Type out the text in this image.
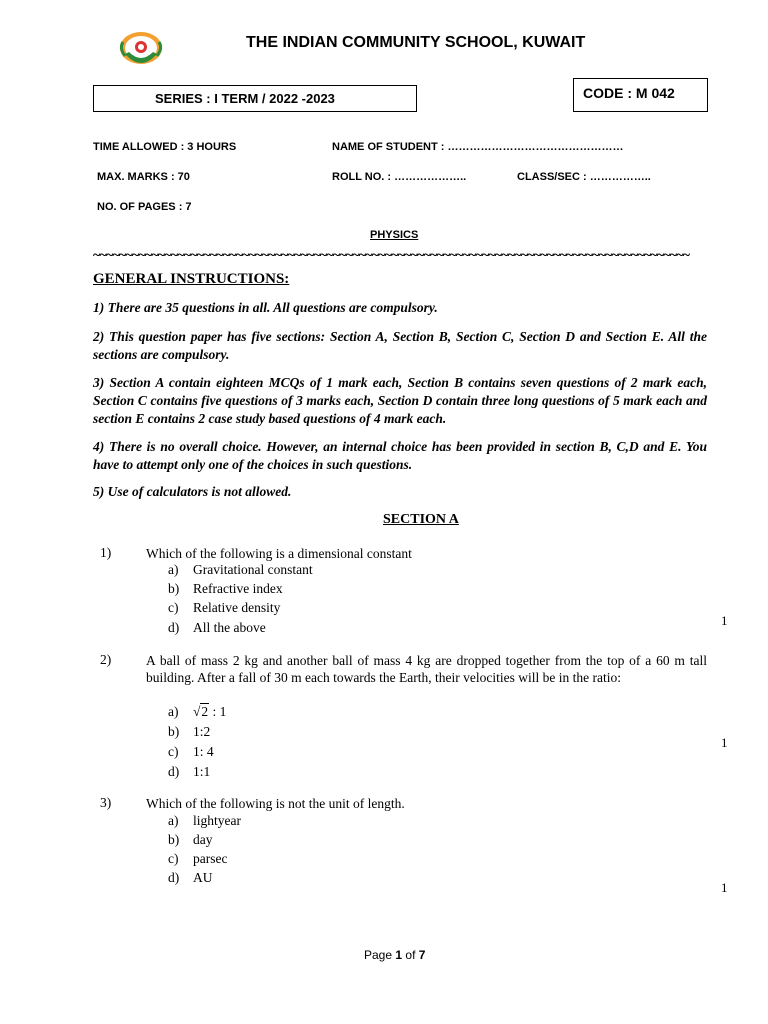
THE INDIAN COMMUNITY SCHOOL, KUWAIT
SERIES : I TERM / 2022 -2023	CODE : M 042
TIME ALLOWED : 3 HOURS	NAME OF STUDENT : …………………………………………
MAX. MARKS : 70	ROLL NO. : ………………..	CLASS/SEC : ……………..
NO. OF PAGES : 7
PHYSICS
~~~~~~~~~~~~~~~~~~~~~~~~~~~~~~~~~~~~~~~~~~~~~~~~~~~~~~~~~~~~~~~~~~~~~~~~~~~~~~~~~~~~~~~~~~~~
GENERAL INSTRUCTIONS:
1) There are 35 questions in all. All questions are compulsory.
2) This question paper has five sections: Section A, Section B, Section C, Section D and Section E. All the sections are compulsory.
3) Section A contain eighteen MCQs of 1 mark each, Section B contains seven questions of 2 mark each, Section C contains five questions of 3 marks each, Section D contain three long questions of 5 mark each and section E contains 2 case study based questions of 4 mark each.
4) There is no overall choice. However, an internal choice has been provided in section B, C,D and E. You have to attempt only one of the choices in such questions.
5) Use of calculators is not allowed.
SECTION A
1)	Which of the following is a dimensional constant
a) Gravitational constant
b) Refractive index
c) Relative density
d) All the above	1
2)	A ball of mass 2 kg and another ball of mass 4 kg are dropped together from the top of a 60 m tall building. After a fall of 30 m each towards the Earth, their velocities will be in the ratio:
a) √2 : 1
b) 1:2
c) 1: 4
d) 1:1
1
3)	Which of the following is not the unit of length.
a) lightyear
b) day
c) parsec
d) AU
1
Page 1 of 7
